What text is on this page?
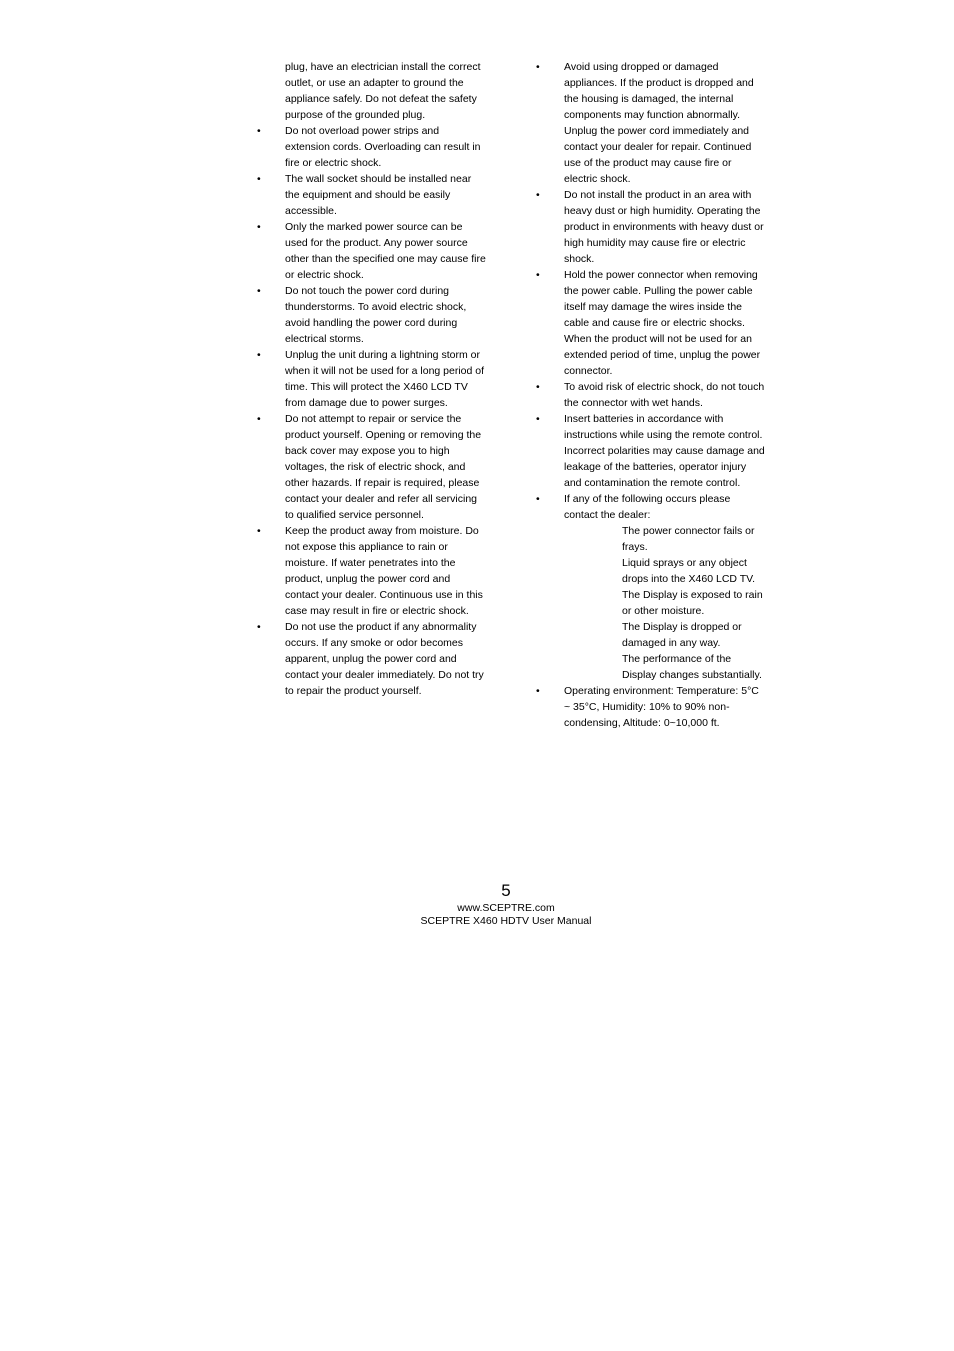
plug, have an electrician install the correct outlet, or use an adapter to ground the appliance safely. Do not defeat the safety purpose of the grounded plug.

•	Do not overload power strips and extension cords. Overloading can result in fire or electric shock.
•	The wall socket should be installed near the equipment and should be easily accessible.
•	Only the marked power source can be used for the product. Any power source other than the specified one may cause fire or electric shock.
•	Do not touch the power cord during thunderstorms. To avoid electric shock, avoid handling the power cord during electrical storms.
•	Unplug the unit during a lightning storm or when it will not be used for a long period of time. This will protect the X460 LCD TV from damage due to power surges.
•	Do not attempt to repair or service the product yourself. Opening or removing the back cover may expose you to high voltages, the risk of electric shock, and other hazards. If repair is required, please contact your dealer and refer all servicing to qualified service personnel.
•	Keep the product away from moisture. Do not expose this appliance to rain or moisture. If water penetrates into the product, unplug the power cord and contact your dealer. Continuous use in this case may result in fire or electric shock.
•	Do not use the product if any abnormality occurs. If any smoke or odor becomes apparent, unplug the power cord and contact your dealer immediately. Do not try to repair the product yourself.
•	Avoid using dropped or damaged appliances. If the product is dropped and the housing is damaged, the internal components may function abnormally. Unplug the power cord immediately and contact your dealer for repair. Continued use of the product may cause fire or electric shock.
•	Do not install the product in an area with heavy dust or high humidity. Operating the product in environments with heavy dust or high humidity may cause fire or electric shock.
•	Hold the power connector when removing the power cable. Pulling the power cable itself may damage the wires inside the cable and cause fire or electric shocks. When the product will not be used for an extended period of time, unplug the power connector.
•	To avoid risk of electric shock, do not touch the connector with wet hands.
•	Insert batteries in accordance with instructions while using the remote control. Incorrect polarities may cause damage and leakage of the batteries, operator injury and contamination the remote control.
•	If any of the following occurs please contact the dealer:
The power connector fails or frays.
Liquid sprays or any object drops into the X460 LCD TV.
The Display is exposed to rain or other moisture.
The Display is dropped or damaged in any way.
The performance of the Display changes substantially.
•	Operating environment: Temperature: 5°C ~ 35°C, Humidity: 10% to 90% non-condensing, Altitude: 0~10,000 ft.
5
www.SCEPTRE.com
SCEPTRE X460 HDTV User Manual
